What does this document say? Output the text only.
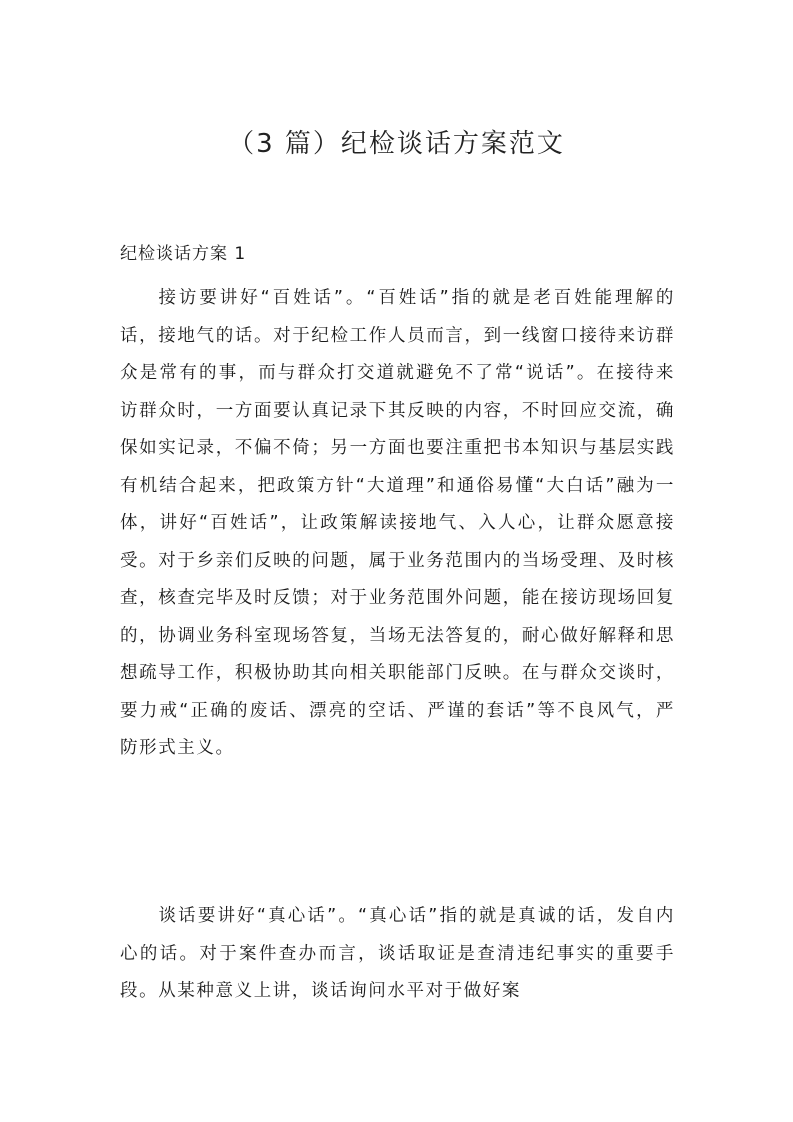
（3 篇）纪检谈话方案范文
纪检谈话方案 1

接访要讲好“百姓话”。“百姓话”指的就是老百姓能理解的话，接地气的话。对于纪检工作人员而言，到一线窗口接待来访群众是常有的事，而与群众打交道就避免不了常“说话”。在接待来访群众时，一方面要认真记录下其反映的内容，不时回应交流，确保如实记录，不偏不倚；另一方面也要注重把书本知识与基层实践有机结合起来，把政策方针“大道理”和通俗易懂“大白话”融为一体，讲好“百姓话”，让政策解读接地气、入人心，让群众愿意接受。对于乡亲们反映的问题，属于业务范围内的当场受理、及时核查，核查完毕及时反馈；对于业务范围外问题，能在接访现场回复的，协调业务科室现场答复，当场无法答复的，耐心做好解释和思想疏导工作，积极协助其向相关职能部门反映。在与群众交谈时，要力戒“正确的废话、漂亮的空话、严谨的套话”等不良风气，严防形式主义。

谈话要讲好“真心话”。“真心话”指的就是真诚的话，发自内心的话。对于案件查办而言，谈话取证是查清违纪事实的重要手段。从某种意义上讲，谈话询问水平对于做好案
